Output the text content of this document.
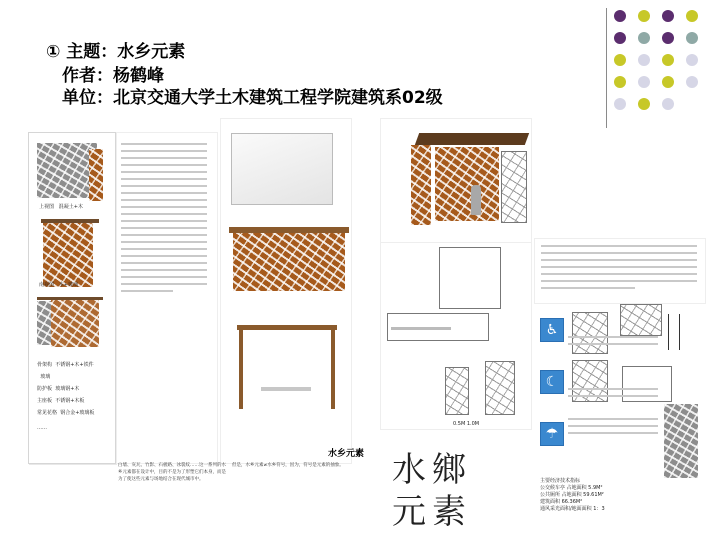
① 主题：水乡元素
作者：杨鹤峰
单位：北京交通大学土木建筑工程学院建筑系02级
上视图 混凝土+木
南视图 木+玻璃
骨架构 不锈钢+木+铁件
玻璃
防护板 玻璃钢+木
主座板 不锈钢+木板
常见花格 钢合金+玻璃板
……
白墙、灰瓦、竹影、石板路、冰裂纹……这一系列的水乡元素都在设计中，目的不是为了形塑它们本身，而是为了使这些元素与场地结合在现代城市中。
但是，水乡元素≠水乡符号，因为，符号是元素的抽象。
水乡元素
0.5M 1.0M
♿
☾
☂
水鄉
元素
主要经济技术指标
公交候车亭 占地面积 5.9M²
公共厕所 占地面积 59.61M²
建筑面积 66.36M²
通风采光面积/地面面积 1：3
